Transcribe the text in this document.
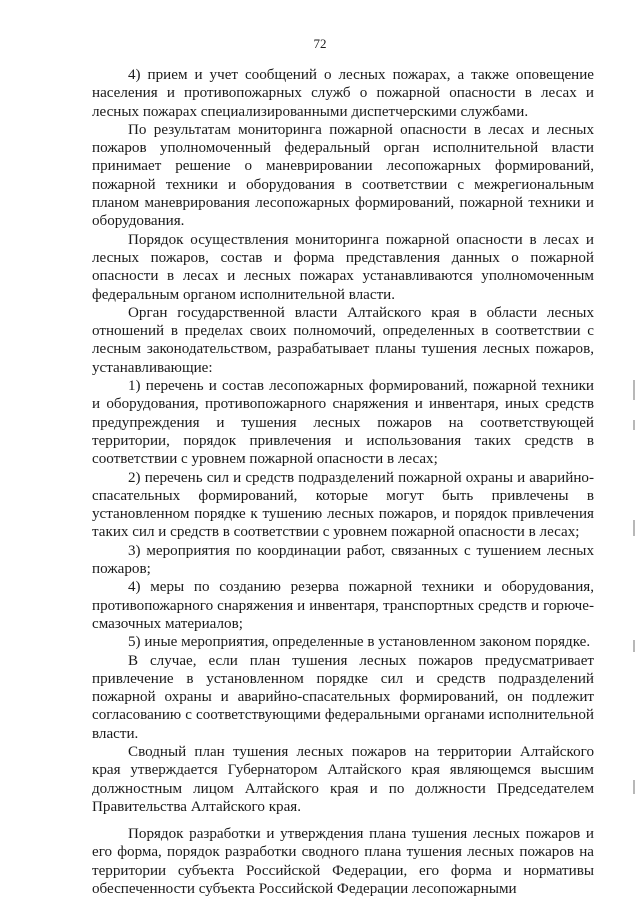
72

4) прием и учет сообщений о лесных пожарах, а также оповещение населения и противопожарных служб о пожарной опасности в лесах и лесных пожарах специализированными диспетчерскими службами.

По результатам мониторинга пожарной опасности в лесах и лесных пожаров уполномоченный федеральный орган исполнительной власти принимает решение о маневрировании лесопожарных формирований, пожарной техники и оборудования в соответствии с межрегиональным планом маневрирования лесопожарных формирований, пожарной техники и оборудования.

Порядок осуществления мониторинга пожарной опасности в лесах и лесных пожаров, состав и форма представления данных о пожарной опасности в лесах и лесных пожарах устанавливаются уполномоченным федеральным органом исполнительной власти.

Орган государственной власти Алтайского края в области лесных отношений в пределах своих полномочий, определенных в соответствии с лесным законодательством, разрабатывает планы тушения лесных пожаров, устанавливающие:

1) перечень и состав лесопожарных формирований, пожарной техники и оборудования, противопожарного снаряжения и инвентаря, иных средств предупреждения и тушения лесных пожаров на соответствующей территории, порядок привлечения и использования таких средств в соответствии с уровнем пожарной опасности в лесах;

2) перечень сил и средств подразделений пожарной охраны и аварийно-спасательных формирований, которые могут быть привлечены в установленном порядке к тушению лесных пожаров, и порядок привлечения таких сил и средств в соответствии с уровнем пожарной опасности в лесах;

3) мероприятия по координации работ, связанных с тушением лесных пожаров;

4) меры по созданию резерва пожарной техники и оборудования, противопожарного снаряжения и инвентаря, транспортных средств и горюче-смазочных материалов;

5) иные мероприятия, определенные в установленном законом порядке.

В случае, если план тушения лесных пожаров предусматривает привлечение в установленном порядке сил и средств подразделений пожарной охраны и аварийно-спасательных формирований, он подлежит согласованию с соответствующими федеральными органами исполнительной власти.

Сводный план тушения лесных пожаров на территории Алтайского края утверждается Губернатором Алтайского края являющемся высшим должностным лицом Алтайского края и по должности Председателем Правительства Алтайского края.

Порядок разработки и утверждения плана тушения лесных пожаров и его форма, порядок разработки сводного плана тушения лесных пожаров на территории субъекта Российской Федерации, его форма и нормативы обеспеченности субъекта Российской Федерации лесопожарными
